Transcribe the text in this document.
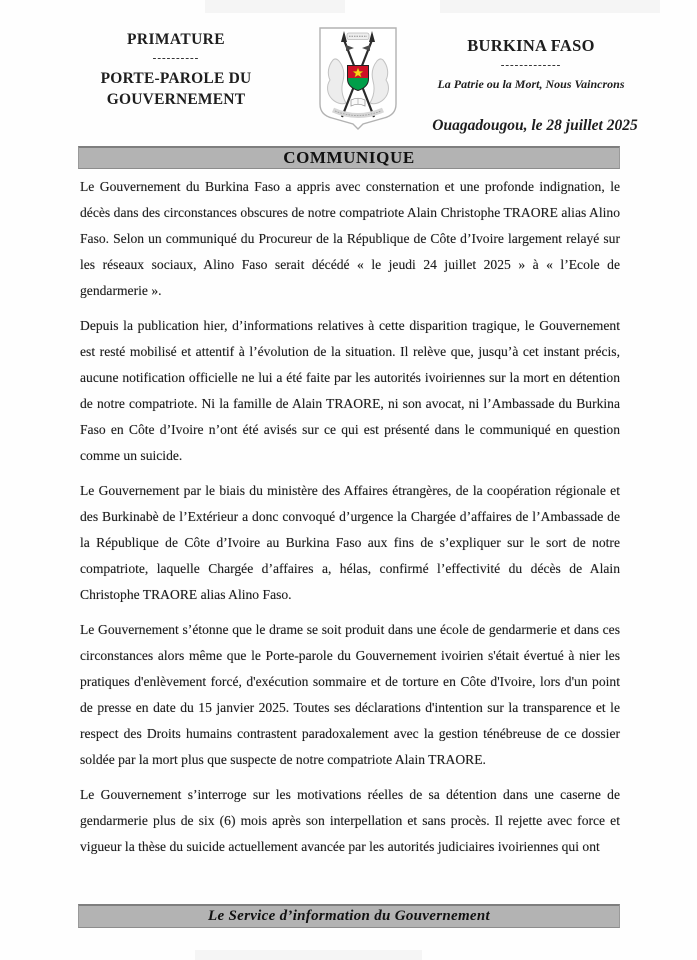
PRIMATURE
----------
PORTE-PAROLE DU GOUVERNEMENT
BURKINA FASO
-------------
La Patrie ou la Mort, Nous Vaincrons
Ouagadougou, le 28 juillet 2025
COMMUNIQUE

Le Gouvernement du Burkina Faso a appris avec consternation et une profonde indignation, le décès dans des circonstances obscures de notre compatriote Alain Christophe TRAORE alias Alino Faso. Selon un communiqué du Procureur de la République de Côte d’Ivoire largement relayé sur les réseaux sociaux, Alino Faso serait décédé « le jeudi 24 juillet 2025 » à « l’Ecole de gendarmerie ».

Depuis la publication hier, d’informations relatives à cette disparition tragique, le Gouvernement est resté mobilisé et attentif à l’évolution de la situation. Il relève que, jusqu’à cet instant précis, aucune notification officielle ne lui a été faite par les autorités ivoiriennes sur la mort en détention de notre compatriote. Ni la famille de Alain TRAORE, ni son avocat, ni l’Ambassade du Burkina Faso en Côte d’Ivoire n’ont été avisés sur ce qui est présenté dans le communiqué en question comme un suicide.

Le Gouvernement par le biais du ministère des Affaires étrangères, de la coopération régionale et des Burkinabè de l’Extérieur a donc convoqué d’urgence la Chargée d’affaires de l’Ambassade de la République de Côte d’Ivoire au Burkina Faso aux fins de s’expliquer sur le sort de notre compatriote, laquelle Chargée d’affaires a, hélas, confirmé l’effectivité du décès de Alain Christophe TRAORE alias Alino Faso.

Le Gouvernement s’étonne que le drame se soit produit dans une école de gendarmerie et dans ces circonstances alors même que le Porte-parole du Gouvernement ivoirien s'était évertué à nier les pratiques d'enlèvement forcé, d'exécution sommaire et de torture en Côte d'Ivoire, lors d'un point de presse en date du 15 janvier 2025. Toutes ses déclarations d'intention sur la transparence et le respect des Droits humains contrastent paradoxalement avec la gestion ténébreuse de ce dossier soldée par la mort plus que suspecte de notre compatriote Alain TRAORE.

Le Gouvernement s’interroge sur les motivations réelles de sa détention dans une caserne de gendarmerie plus de six (6) mois après son interpellation et sans procès. Il rejette avec force et vigueur la thèse du suicide actuellement avancée par les autorités judiciaires ivoiriennes qui ont

Le Service d’information du Gouvernement
